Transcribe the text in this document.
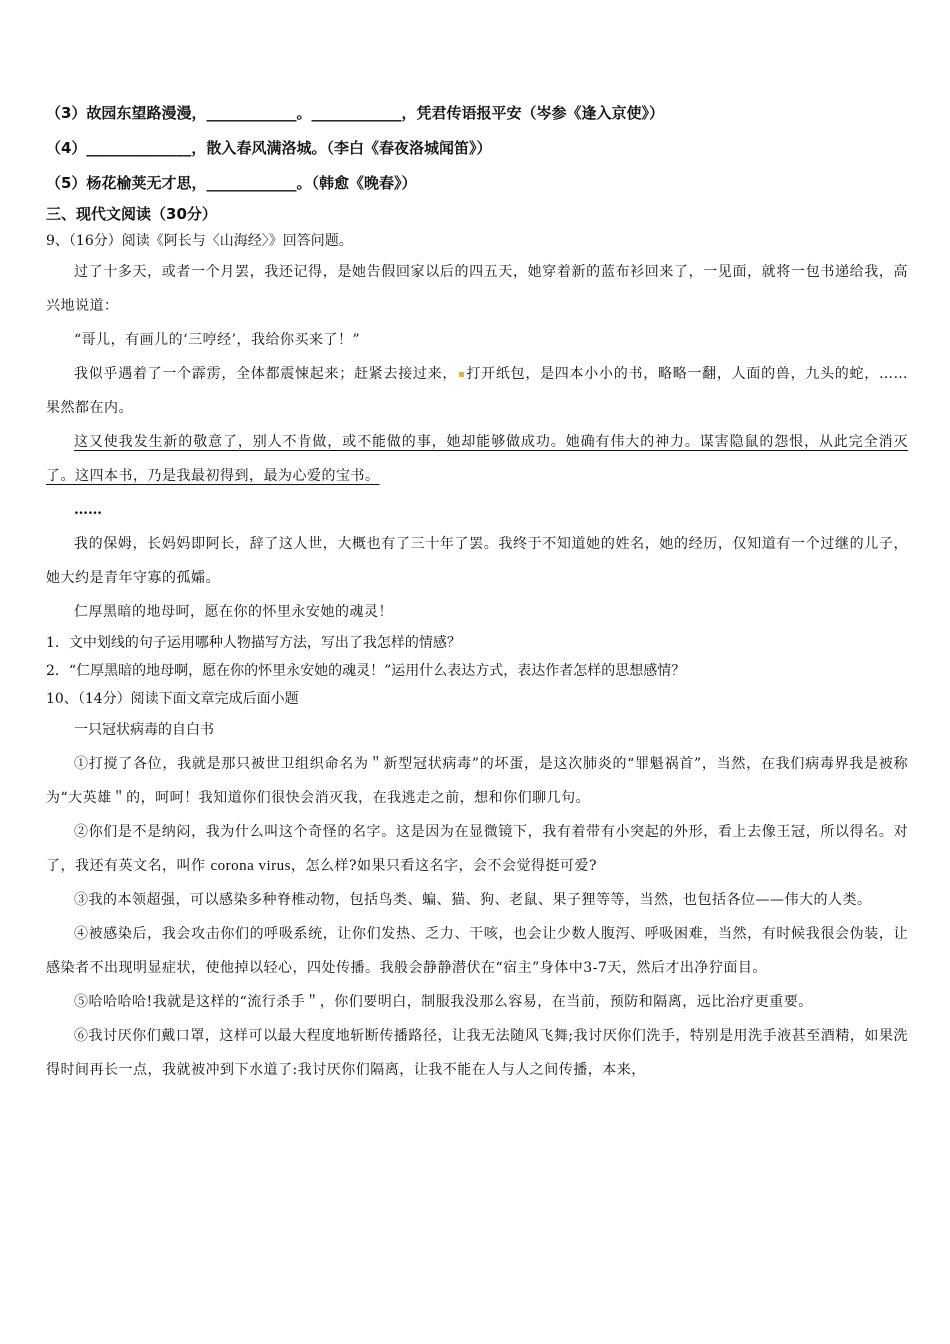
（3）故园东望路漫漫，____________。____________，凭君传语报平安（岑参《逢入京使》）
（4）______________，散入春风满洛城。（李白《春夜洛城闻笛》）
（5）杨花榆荚无才思，____________。（韩愈《晚春》）
三、现代文阅读（30分）
9、（16分）阅读《阿长与〈山海经〉》回答问题。
过了十多天，或者一个月罢，我还记得，是她告假回家以后的四五天，她穿着新的蓝布衫回来了，一见面，就将一包书递给我，高兴地说道：
“哥儿，有画儿的‘三哼经’，我给你买来了！”
我似乎遇着了一个霹雳，全体都震悚起来；赶紧去接过来， 打开纸包，是四本小小的书，略略一翻，人面的兽，九头的蛇，……果然都在内。
这又使我发生新的敬意了，别人不肯做，或不能做的事，她却能够做成功。她确有伟大的神力。谋害隐鼠的怨恨，从此完全消灭了。这四本书，乃是我最初得到，最为心爱的宝书。
……
我的保姆，长妈妈即阿长，辞了这人世，大概也有了三十年了罢。我终于不知道她的姓名，她的经历，仅知道有一个过继的儿子，她大约是青年守寡的孤孀。
仁厚黑暗的地母呵，愿在你的怀里永安她的魂灵！
1．文中划线的句子运用哪种人物描写方法，写出了我怎样的情感？
2．“仁厚黑暗的地母啊，愿在你的怀里永安她的魂灵！”运用什么表达方式，表达作者怎样的思想感情？
10、（14分）阅读下面文章完成后面小题
一只冠状病毒的自白书
①打搅了各位，我就是那只被世卫组织命名为＂新型冠状病毒”的坏蛋，是这次肺炎的“罪魁祸首”，当然，在我们病毒界我是被称为“大英雄＂的，呵呵！我知道你们很快会消灭我，在我逃走之前，想和你们聊几句。
②你们是不是纳闷，我为什么叫这个奇怪的名字。这是因为在显微镜下，我有着带有小突起的外形，看上去像王冠，所以得名。对了，我还有英文名，叫作 corona virus，怎么样?如果只看这名字，会不会觉得挺可爱?
③我的本领超强，可以感染多种脊椎动物，包括鸟类、蝙、猫、狗、老鼠、果子狸等等，当然，也包括各位——伟大的人类。
④被感染后，我会攻击你们的呼吸系统，让你们发热、乏力、干咳，也会让少数人腹泻、呼吸困难，当然，有时候我很会伪装，让感染者不出现明显症状，使他掉以轻心，四处传播。我般会静静潜伏在“宿主”身体中3-7天，然后才出净狞面目。
⑤哈哈哈哈!我就是这样的“流行杀手＂，你们要明白，制服我没那么容易，在当前，预防和隔离，远比治疗更重要。
⑥我讨厌你们戴口罩，这样可以最大程度地斩断传播路径，让我无法随风飞舞;我讨厌你们洗手，特别是用洗手液甚至酒精，如果洗得时间再长一点，我就被冲到下水道了:我讨厌你们隔离，让我不能在人与人之间传播，本来，
